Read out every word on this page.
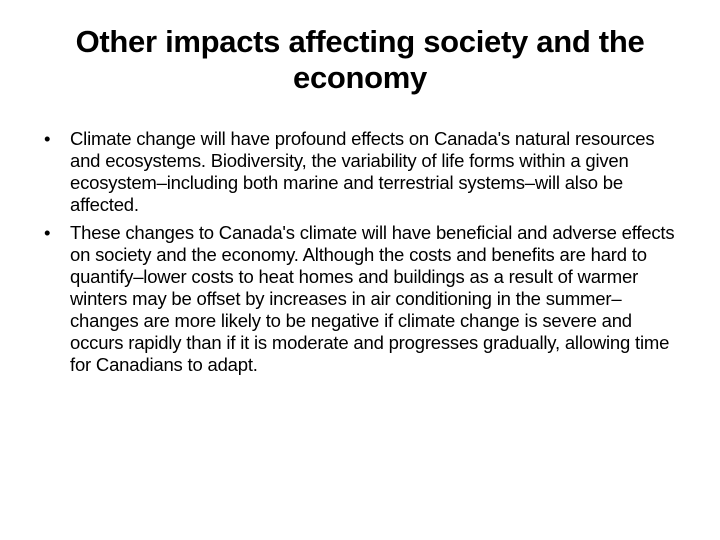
Other impacts affecting society and the economy
•	Climate change will have profound effects on Canada's natural resources and ecosystems. Biodiversity, the variability of life forms within a given ecosystem–including both marine and terrestrial systems–will also be affected.
•	These changes to Canada's climate will have beneficial and adverse effects on society and the economy. Although the costs and benefits are hard to quantify–lower costs to heat homes and buildings as a result of warmer winters may be offset by increases in air conditioning in the summer– changes are more likely to be negative if climate change is severe and occurs rapidly than if it is moderate and progresses gradually, allowing time for Canadians to adapt.
